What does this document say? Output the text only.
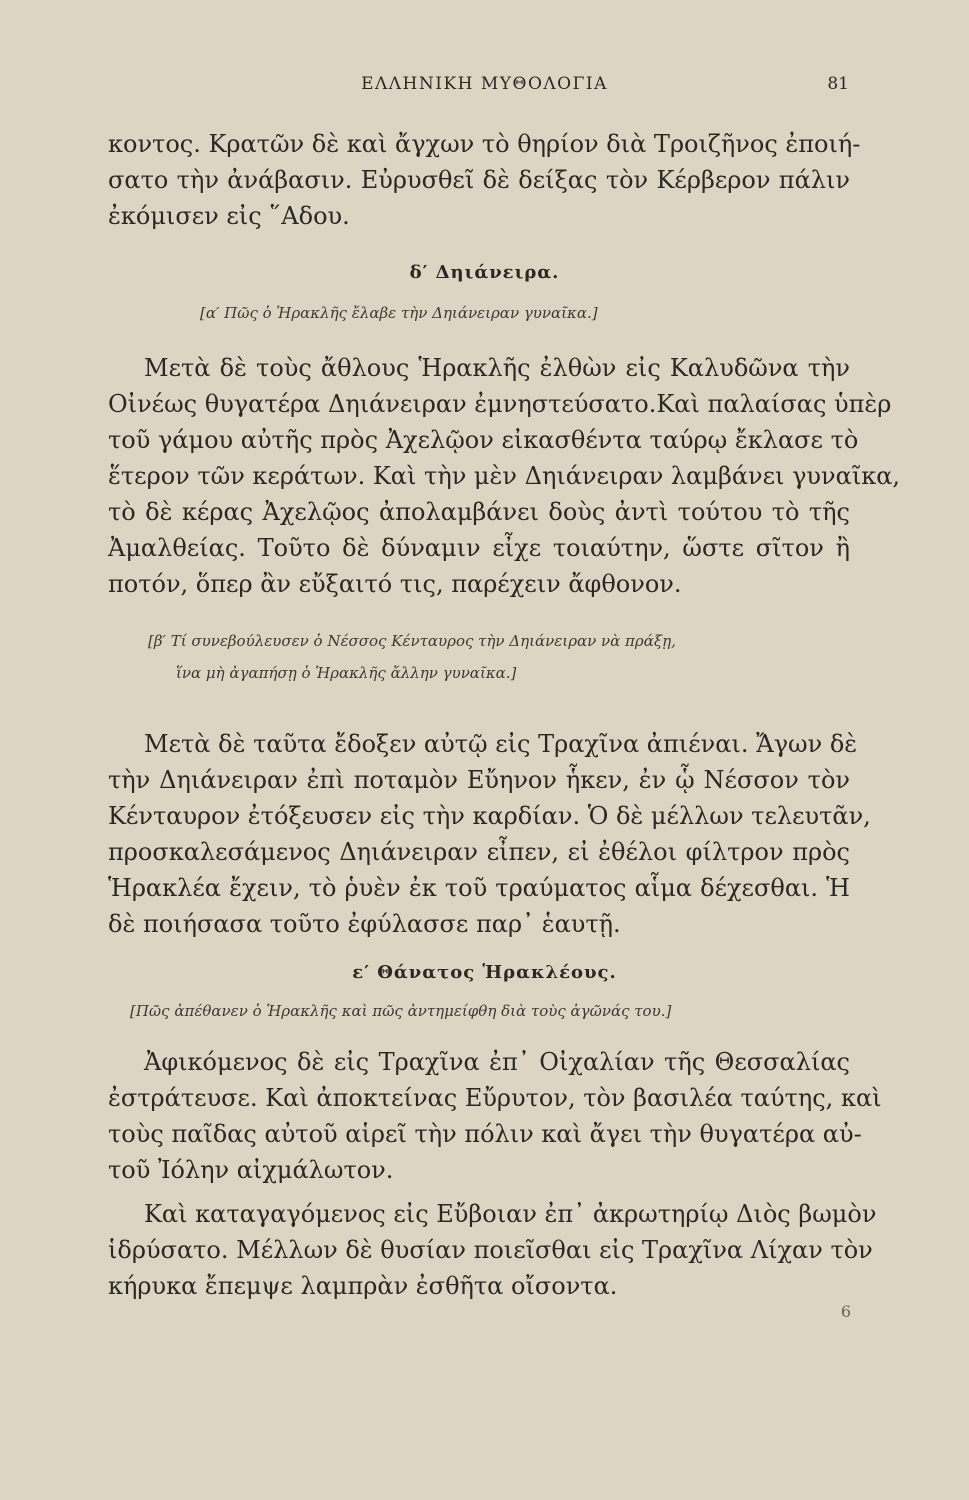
ΕΛΛΗΝΙΚΗ ΜΥΘΟΛΟΓΙΑ	81
κοντος. Κρατῶν δὲ καὶ ἄγχων τὸ θηρίον διὰ Τροιζῆνος ἐποιή-
σατο τὴν ἀνάβασιν. Εὐρυσθεῖ δὲ δείξας τὸν Κέρβερον πάλιν
ἐκόμισεν εἰς ῞Αδου.
δ′ Δηιάνειρα.
[α′ Πῶς ὁ Ἡρακλῆς ἔλαβε τὴν Δηιάνειραν γυναῖκα.]
Μετὰ δὲ τοὺς ἄθλους Ἡρακλῆς ἐλθὼν εἰς Καλυδῶνα τὴν
Οἰνέως θυγατέρα Δηιάνειραν ἐμνηστεύσατο.Καὶ παλαίσας ὑπὲρ
τοῦ γάμου αὐτῆς πρὸς Ἀχελῷον εἰκασθέντα ταύρῳ ἔκλασε τὸ
ἕτερον τῶν κεράτων. Καὶ τὴν μὲν Δηιάνειραν λαμβάνει γυναῖκα,
τὸ δὲ κέρας Ἀχελῷος ἀπολαμβάνει δοὺς ἀντὶ τούτου τὸ τῆς
Ἀμαλθείας. Τοῦτο δὲ δύναμιν εἶχε τοιαύτην, ὥστε σῖτον ἢ
ποτόν, ὅπερ ἂν εὔξαιτό τις, παρέχειν ἄφθονον.
[β′ Τί συνεβούλευσεν ὁ Νέσσος Κένταυρος τὴν Δηιάνειραν νὰ πράξῃ,
ἵνα μὴ ἀγαπήσῃ ὁ Ἡρακλῆς ἄλλην γυναῖκα.]
Μετὰ δὲ ταῦτα ἔδοξεν αὐτῷ εἰς Τραχῖνα ἀπιέναι. Ἄγων δὲ
τὴν Δηιάνειραν ἐπὶ ποταμὸν Εὔηνον ἧκεν, ἐν ᾧ Νέσσον τὸν
Κένταυρον ἐτόξευσεν εἰς τὴν καρδίαν. Ὁ δὲ μέλλων τελευτᾶν,
προσκαλεσάμενος Δηιάνειραν εἶπεν, εἰ ἐθέλοι φίλτρον πρὸς
Ἡρακλέα ἔχειν, τὸ ῥυὲν ἐκ τοῦ τραύματος αἷμα δέχεσθαι. Ἡ
δὲ ποιήσασα τοῦτο ἐφύλασσε παρ᾿ ἑαυτῇ.
ε′ Θάνατος Ἡρακλέους.
[Πῶς ἀπέθανεν ὁ Ἡρακλῆς καὶ πῶς ἀντημείφθη διὰ τοὺς ἀγῶνάς του.]
Ἀφικόμενος δὲ εἰς Τραχῖνα ἐπ᾿ Οἰχαλίαν τῆς Θεσσαλίας
ἐστράτευσε. Καὶ ἀποκτείνας Εὔρυτον, τὸν βασιλέα ταύτης, καὶ
τοὺς παῖδας αὐτοῦ αἱρεῖ τὴν πόλιν καὶ ἄγει τὴν θυγατέρα αὐ-
τοῦ Ἰόλην αἰχμάλωτον.
Καὶ καταγαγόμενος εἰς Εὔβοιαν ἐπ᾿ ἀκρωτηρίῳ Διὸς βωμὸν
ἱδρύσατο. Μέλλων δὲ θυσίαν ποιεῖσθαι εἰς Τραχῖνα Λίχαν τὸν
κήρυκα ἔπεμψε λαμπρὰν ἐσθῆτα οἴσοντα.
6
